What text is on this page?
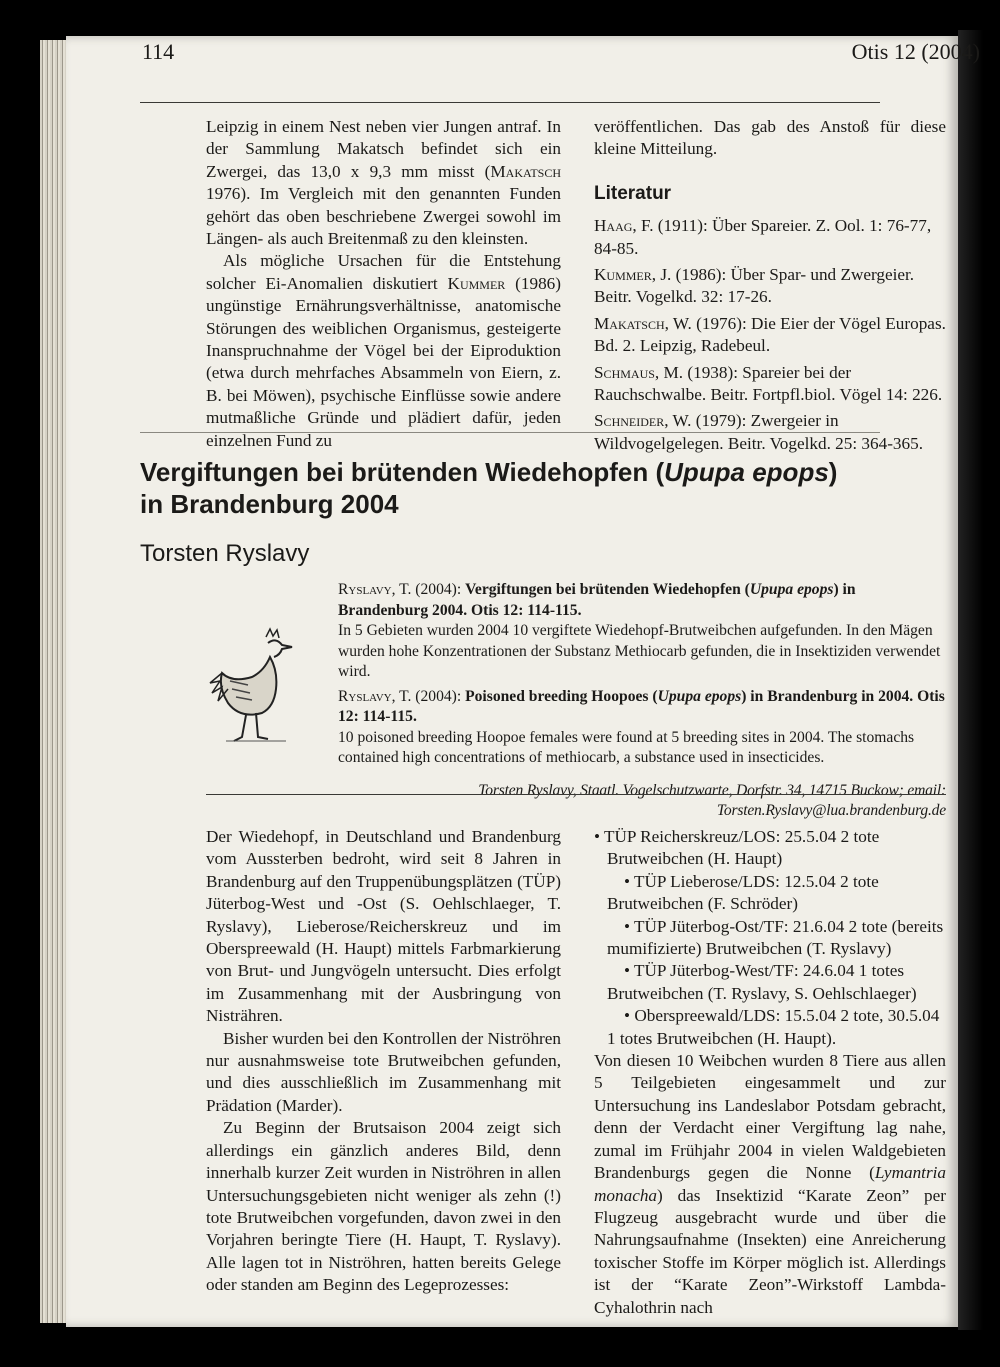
114	Otis 12 (2004)

Leipzig in einem Nest neben vier Jungen antraf. In der Sammlung Makatsch befindet sich ein Zwergei, das 13,0 x 9,3 mm misst (Makatsch 1976). Im Vergleich mit den genannten Funden gehört das oben beschriebene Zwergei sowohl im Längen- als auch Breitenmaß zu den kleinsten.

Als mögliche Ursachen für die Entstehung solcher Ei-Anomalien diskutiert Kummer (1986) ungünstige Ernährungsverhältnisse, anatomische Störungen des weiblichen Organismus, gesteigerte Inanspruchnahme der Vögel bei der Eiproduktion (etwa durch mehrfaches Absammeln von Eiern, z. B. bei Möwen), psychische Einflüsse sowie andere mutmaßliche Gründe und plädiert dafür, jeden einzelnen Fund zu

veröffentlichen. Das gab des Anstoß für diese kleine Mitteilung.

Literatur
Haag, F. (1911): Über Spareier. Z. Ool. 1: 76-77, 84-85.
Kummer, J. (1986): Über Spar- und Zwergeier. Beitr. Vogelkd. 32: 17-26.
Makatsch, W. (1976): Die Eier der Vögel Europas. Bd. 2. Leipzig, Radebeul.
Schmaus, M. (1938): Spareier bei der Rauchschwalbe. Beitr. Fortpfl.biol. Vögel 14: 226.
Schneider, W. (1979): Zwergeier in Wildvogelgelegen. Beitr. Vogelkd. 25: 364-365.
Vergiftungen bei brütenden Wiedehopfen (Upupa epops)
in Brandenburg 2004
Torsten Ryslavy

Ryslavy, T. (2004): Vergiftungen bei brütenden Wiedehopfen (Upupa epops) in Brandenburg 2004. Otis 12: 114-115.
In 5 Gebieten wurden 2004 10 vergiftete Wiedehopf-Brutweibchen aufgefunden. In den Mägen wurden hohe Konzentrationen der Substanz Methiocarb gefunden, die in Insektiziden verwendet wird.

Ryslavy, T. (2004): Poisoned breeding Hoopoes (Upupa epops) in Brandenburg in 2004. Otis 12: 114-115.
10 poisoned breeding Hoopoe females were found at 5 breeding sites in 2004. The stomachs contained high concentrations of methiocarb, a substance used in insecticides.

Torsten Ryslavy, Staatl. Vogelschutzwarte, Dorfstr. 34, 14715 Buckow; email: Torsten.Ryslavy@lua.brandenburg.de

Der Wiedehopf, in Deutschland und Brandenburg vom Aussterben bedroht, wird seit 8 Jahren in Brandenburg auf den Truppenübungsplätzen (TÜP) Jüterbog-West und -Ost (S. Oehlschlaeger, T. Ryslavy), Lieberose/Reicherskreuz und im Oberspreewald (H. Haupt) mittels Farbmarkierung von Brut- und Jungvögeln untersucht. Dies erfolgt im Zusammenhang mit der Ausbringung von Nisträhren.

Bisher wurden bei den Kontrollen der Niströhren nur ausnahmsweise tote Brutweibchen gefunden, und dies ausschließlich im Zusammenhang mit Prädation (Marder).

Zu Beginn der Brutsaison 2004 zeigt sich allerdings ein gänzlich anderes Bild, denn innerhalb kurzer Zeit wurden in Niströhren in allen Untersuchungsgebieten nicht weniger als zehn (!) tote Brutweibchen vorgefunden, davon zwei in den Vorjahren beringte Tiere (H. Haupt, T. Ryslavy). Alle lagen tot in Niströhren, hatten bereits Gelege oder standen am Beginn des Legeprozesses:

• TÜP Reicherskreuz/LOS: 25.5.04 2 tote Brutweibchen (H. Haupt)

• TÜP Lieberose/LDS: 12.5.04 2 tote Brutweibchen (F. Schröder)

• TÜP Jüterbog-Ost/TF: 21.6.04 2 tote (bereits mumifizierte) Brutweibchen (T. Ryslavy)

• TÜP Jüterbog-West/TF: 24.6.04 1 totes Brutweibchen (T. Ryslavy, S. Oehlschlaeger)

• Oberspreewald/LDS: 15.5.04 2 tote, 30.5.04 1 totes Brutweibchen (H. Haupt).

Von diesen 10 Weibchen wurden 8 Tiere aus allen 5 Teilgebieten eingesammelt und zur Untersuchung ins Landeslabor Potsdam gebracht, denn der Verdacht einer Vergiftung lag nahe, zumal im Frühjahr 2004 in vielen Waldgebieten Brandenburgs gegen die Nonne (Lymantria monacha) das Insektizid “Karate Zeon” per Flugzeug ausgebracht wurde und über die Nahrungsaufnahme (Insekten) eine Anreicherung toxischer Stoffe im Körper möglich ist. Allerdings ist der “Karate Zeon”-Wirkstoff Lambda-Cyhalothrin nach
